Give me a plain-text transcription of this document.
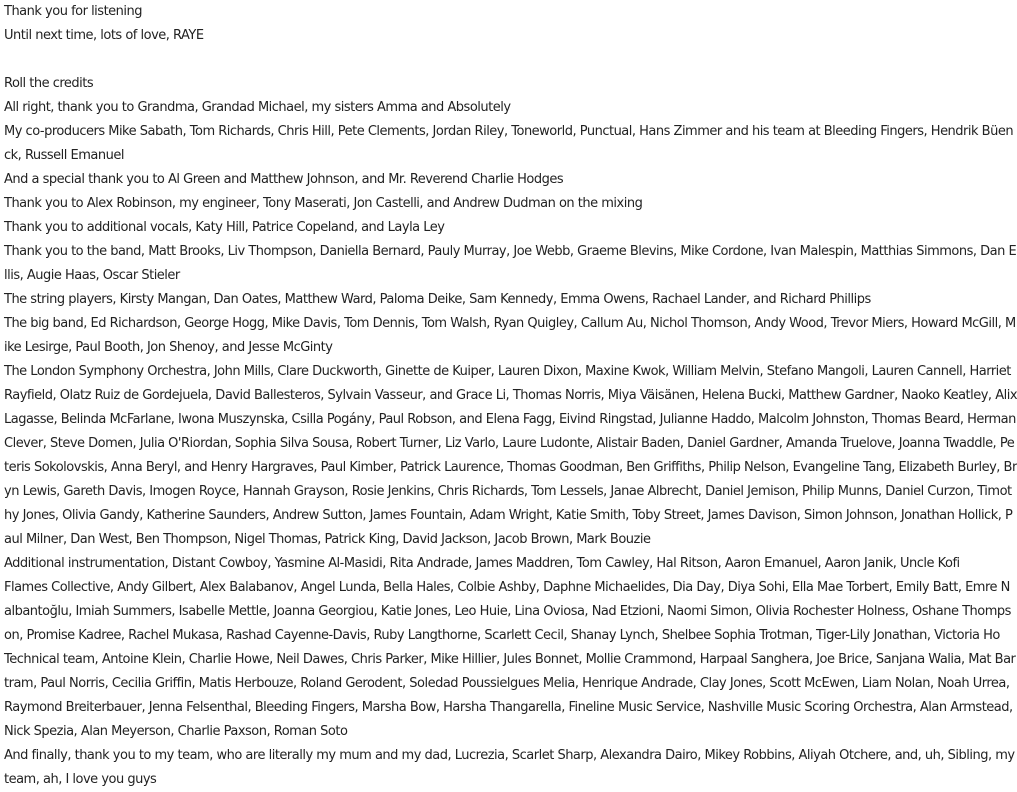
Thank you for listening
Until next time, lots of love, RAYE
Roll the credits
All right, thank you to Grandma, Grandad Michael, my sisters Amma and Absolutely
My co-producers Mike Sabath, Tom Richards, Chris Hill, Pete Clements, Jordan Riley, Toneworld, Punctual, Hans Zimmer and his team at Bleeding Fingers, Hendrik Büenck, Russell Emanuel
And a special thank you to Al Green and Matthew Johnson, and Mr. Reverend Charlie Hodges
Thank you to Alex Robinson, my engineer, Tony Maserati, Jon Castelli, and Andrew Dudman on the mixing
Thank you to additional vocals, Katy Hill, Patrice Copeland, and Layla Ley
Thank you to the band, Matt Brooks, Liv Thompson, Daniella Bernard, Pauly Murray, Joe Webb, Graeme Blevins, Mike Cordone, Ivan Malespin, Matthias Simmons, Dan Ellis, Augie Haas, Oscar Stieler
The string players, Kirsty Mangan, Dan Oates, Matthew Ward, Paloma Deike, Sam Kennedy, Emma Owens, Rachael Lander, and Richard Phillips
The big band, Ed Richardson, George Hogg, Mike Davis, Tom Dennis, Tom Walsh, Ryan Quigley, Callum Au, Nichol Thomson, Andy Wood, Trevor Miers, Howard McGill, Mike Lesirge, Paul Booth, Jon Shenoy, and Jesse McGinty
The London Symphony Orchestra, John Mills, Clare Duckworth, Ginette de Kuiper, Lauren Dixon, Maxine Kwok, William Melvin, Stefano Mangoli, Lauren Cannell, Harriet Rayfield, Olatz Ruiz de Gordejuela, David Ballesteros, Sylvain Vasseur, and Grace Li, Thomas Norris, Miya Väisänen, Helena Bucki, Matthew Gardner, Naoko Keatley, Alix Lagasse, Belinda McFarlane, Iwona Muszynska, Csilla Pogány, Paul Robson, and Elena Fagg, Eivind Ringstad, Julianne Haddo, Malcolm Johnston, Thomas Beard, Herman Clever, Steve Domen, Julia O'Riordan, Sophia Silva Sousa, Robert Turner, Liz Varlo, Laure Ludonte, Alistair Baden, Daniel Gardner, Amanda Truelove, Joanna Twaddle, Peteris Sokolovskis, Anna Beryl, and Henry Hargraves, Paul Kimber, Patrick Laurence, Thomas Goodman, Ben Griffiths, Philip Nelson, Evangeline Tang, Elizabeth Burley, Bryn Lewis, Gareth Davis, Imogen Royce, Hannah Grayson, Rosie Jenkins, Chris Richards, Tom Lessels, Janae Albrecht, Daniel Jemison, Philip Munns, Daniel Curzon, Timothy Jones, Olivia Gandy, Katherine Saunders, Andrew Sutton, James Fountain, Adam Wright, Katie Smith, Toby Street, James Davison, Simon Johnson, Jonathan Hollick, Paul Milner, Dan West, Ben Thompson, Nigel Thomas, Patrick King, David Jackson, Jacob Brown, Mark Bouzie
Additional instrumentation, Distant Cowboy, Yasmine Al-Masidi, Rita Andrade, James Maddren, Tom Cawley, Hal Ritson, Aaron Emanuel, Aaron Janik, Uncle Kofi
Flames Collective, Andy Gilbert, Alex Balabanov, Angel Lunda, Bella Hales, Colbie Ashby, Daphne Michaelides, Dia Day, Diya Sohi, Ella Mae Torbert, Emily Batt, Emre Nalbantoğlu, Imiah Summers, Isabelle Mettle, Joanna Georgiou, Katie Jones, Leo Huie, Lina Oviosa, Nad Etzioni, Naomi Simon, Olivia Rochester Holness, Oshane Thompson, Promise Kadree, Rachel Mukasa, Rashad Cayenne-Davis, Ruby Langthorne, Scarlett Cecil, Shanay Lynch, Shelbee Sophia Trotman, Tiger-Lily Jonathan, Victoria Ho
Technical team, Antoine Klein, Charlie Howe, Neil Dawes, Chris Parker, Mike Hillier, Jules Bonnet, Mollie Crammond, Harpaal Sanghera, Joe Brice, Sanjana Walia, Mat Bartram, Paul Norris, Cecilia Griffin, Matis Herbouze, Roland Gerodent, Soledad Poussielgues Melia, Henrique Andrade, Clay Jones, Scott McEwen, Liam Nolan, Noah Urrea, Raymond Breiterbauer, Jenna Felsenthal, Bleeding Fingers, Marsha Bow, Harsha Thangarella, Fineline Music Service, Nashville Music Scoring Orchestra, Alan Armstead, Nick Spezia, Alan Meyerson, Charlie Paxson, Roman Soto
And finally, thank you to my team, who are literally my mum and my dad, Lucrezia, Scarlet Sharp, Alexandra Dairo, Mikey Robbins, Aliyah Otchere, and, uh, Sibling, my team, ah, I love you guys
